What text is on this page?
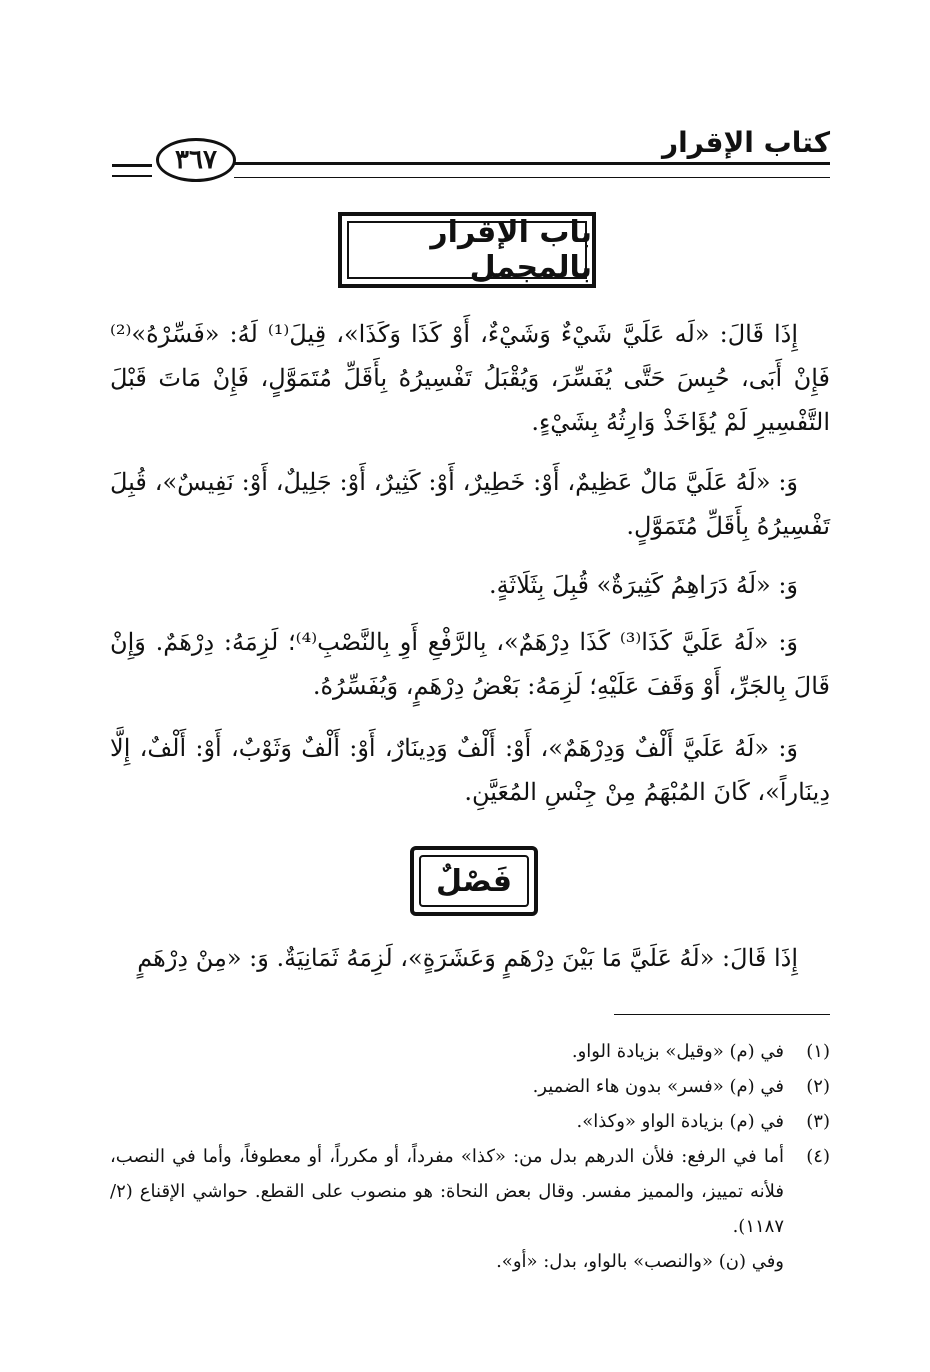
كتاب الإقرار
٣٦٧
باب الإقرار بالمجمل

إِذَا قَالَ: «لَه عَلَيَّ شَيْءٌ وَشَيْءٌ، أَوْ كَذَا وَكَذَا»، قِيلَ⁽¹⁾ لَهُ: «فَسِّرْهُ»⁽²⁾ فَإِنْ أَبَى، حُبِسَ حَتَّى يُفَسِّرَ، وَيُقْبَلُ تَفْسِيرُهُ بِأَقَلِّ مُتَمَوَّلٍ، فَإِنْ مَاتَ قَبْلَ التَّفْسِيرِ لَمْ يُؤَاخَذْ وَارِثُهُ بِشَيْءٍ.

وَ: «لَهُ عَلَيَّ مَالٌ عَظِيمٌ، أَوْ: خَطِيرٌ، أَوْ: كَثِيرٌ، أَوْ: جَلِيلٌ، أَوْ: نَفِيسٌ»، قُبِلَ تَفْسِيرُهُ بِأَقَلِّ مُتَمَوَّلٍ.

وَ: «لَهُ دَرَاهِمُ كَثِيرَةٌ» قُبِلَ بِثَلَاثَةٍ.

وَ: «لَهُ عَلَيَّ كَذَا⁽³⁾ كَذَا دِرْهَمٌ»، بِالرَّفْعِ أَوِ بِالنَّصْبِ⁽⁴⁾؛ لَزِمَهُ: دِرْهَمٌ. وَإِنْ قَالَ بِالجَرِّ، أَوْ وَقَفَ عَلَيْهِ؛ لَزِمَهُ: بَعْضُ دِرْهَمٍ، وَيُفَسِّرُهُ.

وَ: «لَهُ عَلَيَّ أَلْفٌ وَدِرْهَمٌ»، أَوْ: أَلْفٌ وَدِينَارٌ، أَوْ: أَلْفٌ وَثَوْبٌ، أَوْ: أَلْفٌ، إِلَّا دِينَاراً»، كَانَ المُبْهَمُ مِنْ جِنْسِ المُعَيَّنِ.

فَصْلٌ

إِذَا قَالَ: «لَهُ عَلَيَّ مَا بَيْنَ دِرْهَمٍ وَعَشَرَةٍ»، لَزِمَهُ ثَمَانِيَةٌ. وَ: «مِنْ دِرْهَمٍ

(١)
في (م) «وقيل» بزيادة الواو.
(٢)
في (م) «فسر» بدون هاء الضمير.
(٣)
في (م) بزيادة الواو «وكذا».
(٤)
أما في الرفع: فلأن الدرهم بدل من: «كذا» مفرداً، أو مكرراً، أو معطوفاً، وأما في النصب، فلأنه تمييز، والمميز مفسر. وقال بعض النحاة: هو منصوب على القطع. حواشي الإقناع (٢/ ١١٨٧).
وفي (ن) «والنصب» بالواو، بدل: «أو».
